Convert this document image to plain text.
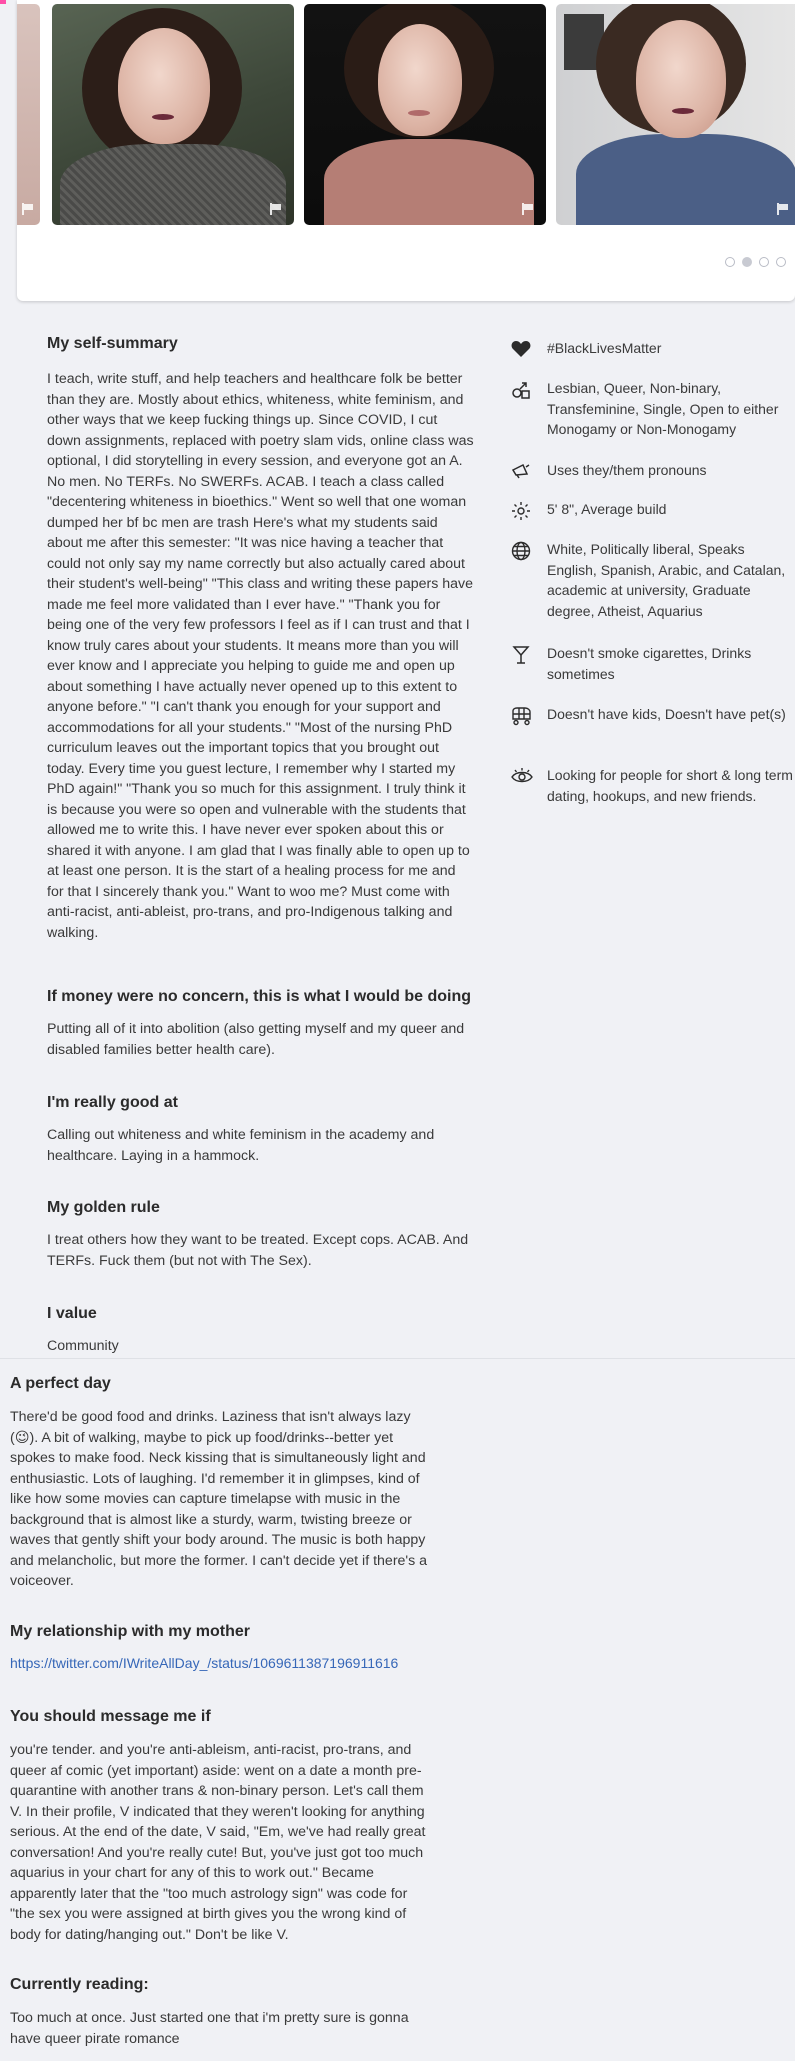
My self-summary
I teach, write stuff, and help teachers and healthcare folk be better than they are. Mostly about ethics, whiteness, white feminism, and other ways that we keep fucking things up. Since COVID, I cut down assignments, replaced with poetry slam vids, online class was optional, I did storytelling in every session, and everyone got an A. No men. No TERFs. No SWERFs. ACAB. I teach a class called "decentering whiteness in bioethics." Went so well that one woman dumped her bf bc men are trash Here's what my students said about me after this semester: "It was nice having a teacher that could not only say my name correctly but also actually cared about their student's well-being" "This class and writing these papers have made me feel more validated than I ever have." "Thank you for being one of the very few professors I feel as if I can trust and that I know truly cares about your students. It means more than you will ever know and I appreciate you helping to guide me and open up about something I have actually never opened up to this extent to anyone before." "I can't thank you enough for your support and accommodations for all your students." "Most of the nursing PhD curriculum leaves out the important topics that you brought out today. Every time you guest lecture, I remember why I started my PhD again!" "Thank you so much for this assignment. I truly think it is because you were so open and vulnerable with the students that allowed me to write this. I have never ever spoken about this or shared it with anyone. I am glad that I was finally able to open up to at least one person. It is the start of a healing process for me and for that I sincerely thank you." Want to woo me? Must come with anti-racist, anti-ableist, pro-trans, and pro-Indigenous talking and walking.
If money were no concern, this is what I would be doing
Putting all of it into abolition (also getting myself and my queer and disabled families better health care).
I'm really good at
Calling out whiteness and white feminism in the academy and healthcare. Laying in a hammock.
My golden rule
I treat others how they want to be treated. Except cops. ACAB. And TERFs. Fuck them (but not with The Sex).
I value
Community
#BlackLivesMatter
Lesbian, Queer, Non-binary, Transfeminine, Single, Open to either Monogamy or Non-Monogamy
Uses they/them pronouns
5' 8", Average build
White, Politically liberal, Speaks English, Spanish, Arabic, and Catalan, academic at university, Graduate degree, Atheist, Aquarius
Doesn't smoke cigarettes, Drinks sometimes
Doesn't have kids, Doesn't have pet(s)
Looking for people for short & long term dating, hookups, and new friends.
A perfect day
There'd be good food and drinks. Laziness that isn't always lazy (😉). A bit of walking, maybe to pick up food/drinks--better yet spokes to make food. Neck kissing that is simultaneously light and enthusiastic. Lots of laughing. I'd remember it in glimpses, kind of like how some movies can capture timelapse with music in the background that is almost like a sturdy, warm, twisting breeze or waves that gently shift your body around. The music is both happy and melancholic, but more the former. I can't decide yet if there's a voiceover.
My relationship with my mother
https://twitter.com/IWriteAllDay_/status/1069611387196911616
You should message me if
you're tender. and you're anti-ableism, anti-racist, pro-trans, and queer af comic (yet important) aside: went on a date a month pre-quarantine with another trans & non-binary person. Let's call them V. In their profile, V indicated that they weren't looking for anything serious. At the end of the date, V said, "Em, we've had really great conversation! And you're really cute! But, you've just got too much aquarius in your chart for any of this to work out." Became apparently later that the "too much astrology sign" was code for "the sex you were assigned at birth gives you the wrong kind of body for dating/hanging out." Don't be like V.
Currently reading:
Too much at once. Just started one that i'm pretty sure is gonna have queer pirate romance
